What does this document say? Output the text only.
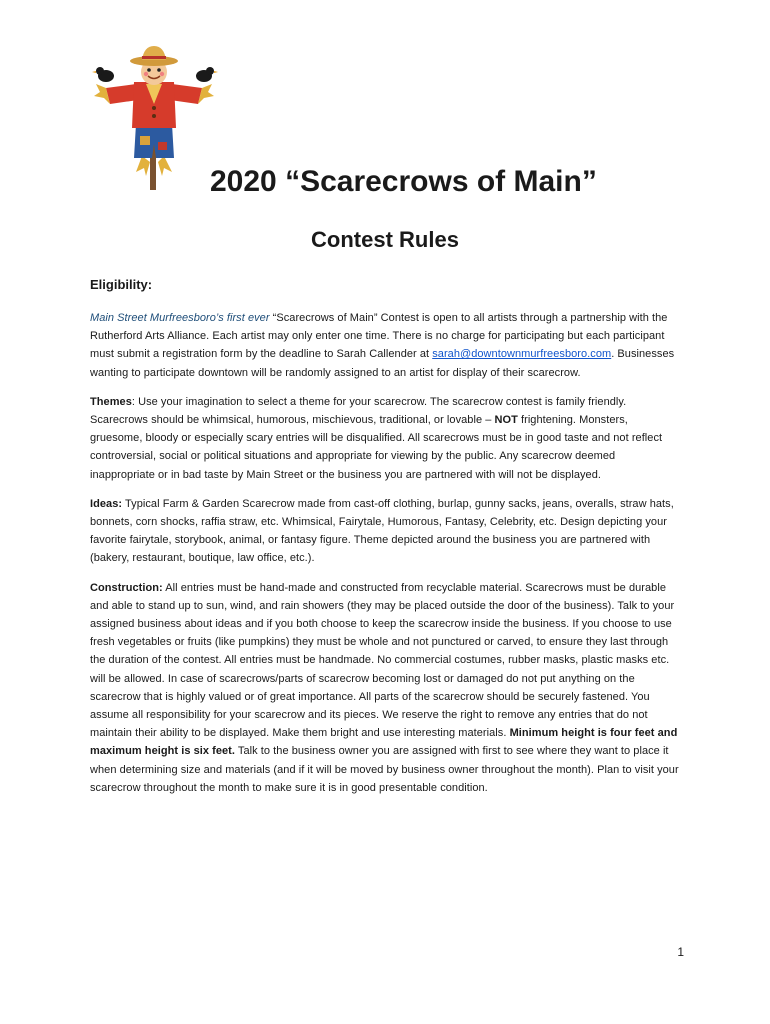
2020 “Scarecrows of Main”
Contest Rules
Eligibility:

Main Street Murfreesboro’s first ever “Scarecrows of Main” Contest is open to all artists through a partnership with the Rutherford Arts Alliance. Each artist may only enter one time. There is no charge for participating but each participant must submit a registration form by the deadline to Sarah Callender at sarah@downtownmurfreesboro.com. Businesses wanting to participate downtown will be randomly assigned to an artist for display of their scarecrow.

Themes: Use your imagination to select a theme for your scarecrow. The scarecrow contest is family friendly. Scarecrows should be whimsical, humorous, mischievous, traditional, or lovable – NOT frightening. Monsters, gruesome, bloody or especially scary entries will be disqualified. All scarecrows must be in good taste and not reflect controversial, social or political situations and appropriate for viewing by the public. Any scarecrow deemed inappropriate or in bad taste by Main Street or the business you are partnered with will not be displayed.

Ideas: Typical Farm & Garden Scarecrow made from cast-off clothing, burlap, gunny sacks, jeans, overalls, straw hats, bonnets, corn shocks, raffia straw, etc. Whimsical, Fairytale, Humorous, Fantasy, Celebrity, etc. Design depicting your favorite fairytale, storybook, animal, or fantasy figure. Theme depicted around the business you are partnered with (bakery, restaurant, boutique, law office, etc.).

Construction: All entries must be hand-made and constructed from recyclable material. Scarecrows must be durable and able to stand up to sun, wind, and rain showers (they may be placed outside the door of the business). Talk to your assigned business about ideas and if you both choose to keep the scarecrow inside the business. If you choose to use fresh vegetables or fruits (like pumpkins) they must be whole and not punctured or carved, to ensure they last through the duration of the contest. All entries must be handmade. No commercial costumes, rubber masks, plastic masks etc. will be allowed. In case of scarecrows/parts of scarecrow becoming lost or damaged do not put anything on the scarecrow that is highly valued or of great importance. All parts of the scarecrow should be securely fastened. You assume all responsibility for your scarecrow and its pieces. We reserve the right to remove any entries that do not maintain their ability to be displayed. Make them bright and use interesting materials. Minimum height is four feet and maximum height is six feet. Talk to the business owner you are assigned with first to see where they want to place it when determining size and materials (and if it will be moved by business owner throughout the month). Plan to visit your scarecrow throughout the month to make sure it is in good presentable condition.

1
